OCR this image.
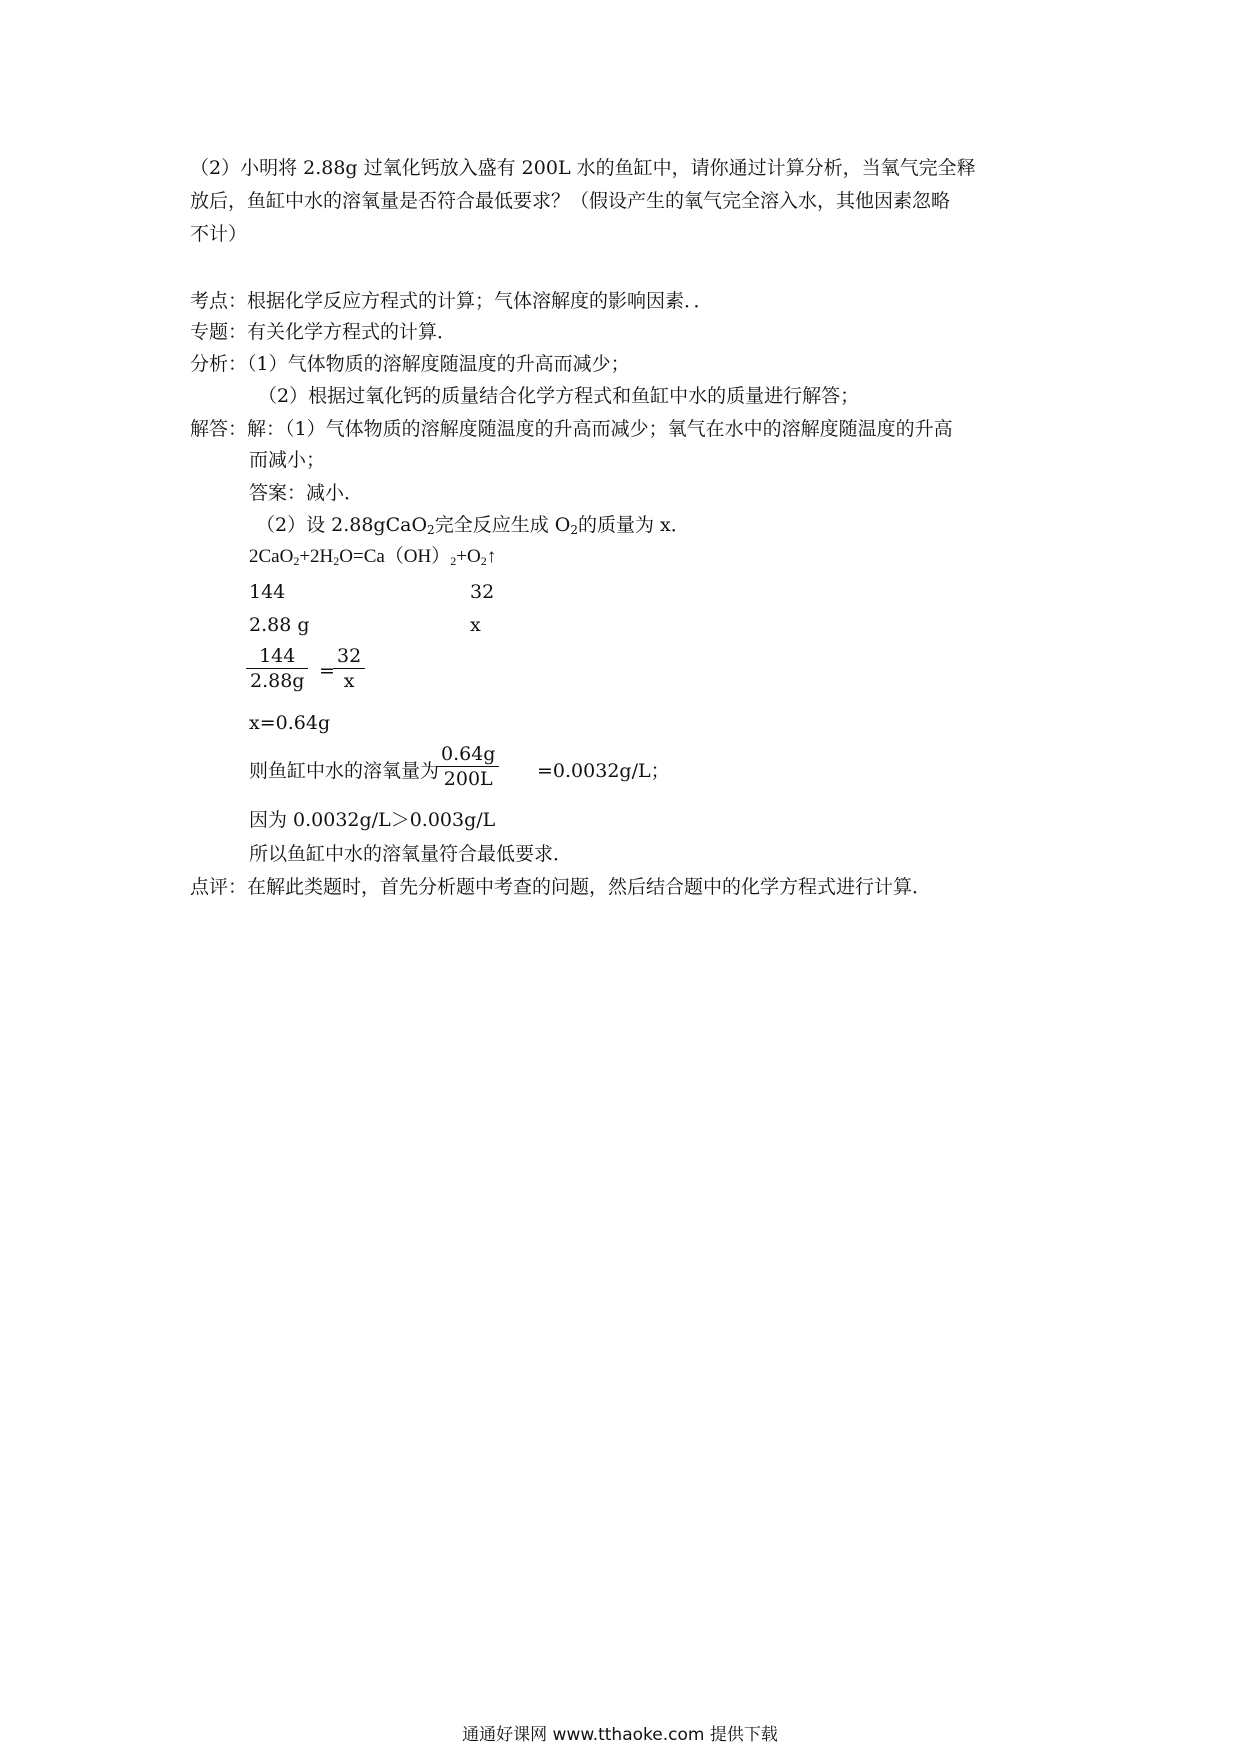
（2）小明将 2.88g 过氧化钙放入盛有 200L 水的鱼缸中，请你通过计算分析，当氧气完全释
放后，鱼缸中水的溶氧量是否符合最低要求？（假设产生的氧气完全溶入水，其他因素忽略
不计）
考点：根据化学反应方程式的计算；气体溶解度的影响因素．．
专题：有关化学方程式的计算．
分析：（1）气体物质的溶解度随温度的升高而减少；
（2）根据过氧化钙的质量结合化学方程式和鱼缸中水的质量进行解答；
解答：解：（1）气体物质的溶解度随温度的升高而减少；氧气在水中的溶解度随温度的升高
而减小；
答案：减小．
（2）设 2.88gCaO$_2$完全反应生成 $O_2$的质量为 x．
$2CaO_2+2H_2O=Ca(OH)_2+O_2↑$
144	32
2.88 g	x
$\frac{144}{2.88g}$ =
$\frac{32}{x}$
x=0.64g
则鱼缸中水的溶氧量为
$\frac{0.64g}{200L} =0.0032g/L$；
因为 0.0032g/L＞0.003g/L
所以鱼缸中水的溶氧量符合最低要求．
点评：在解此类题时，首先分析题中考查的问题，然后结合题中的化学方程式进行计算．
通通好课网 www.tthaoke.com 提供下载
